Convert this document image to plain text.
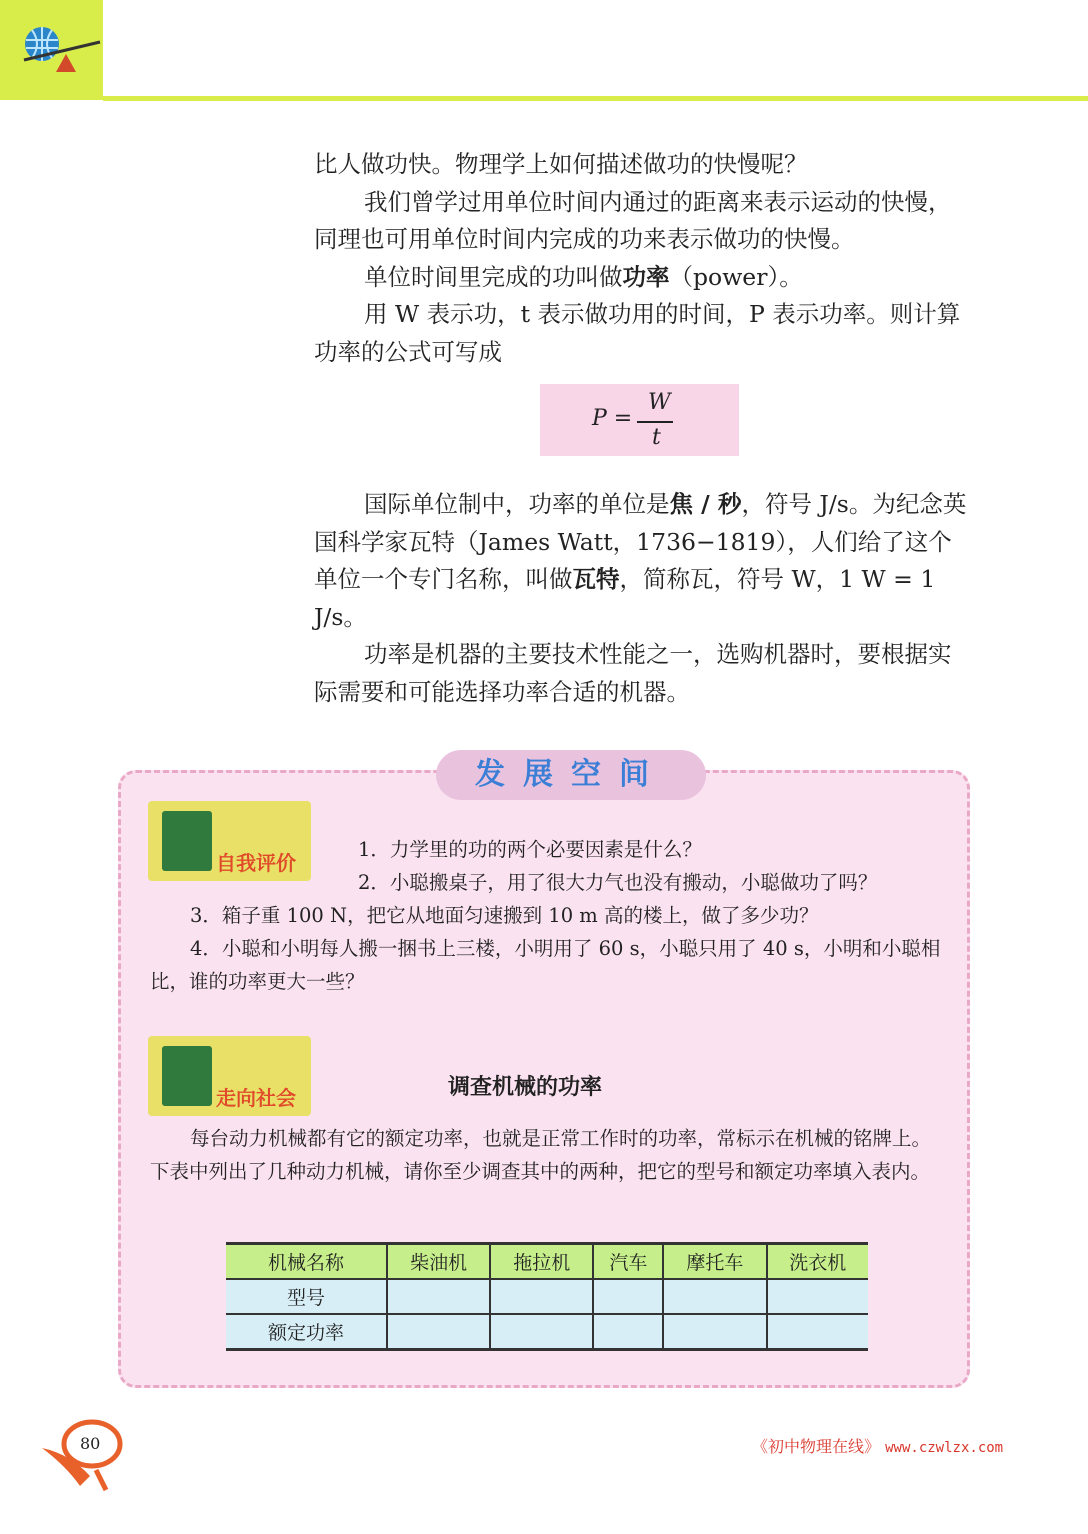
比人做功快。物理学上如何描述做功的快慢呢？

我们曾学过用单位时间内通过的距离来表示运动的快慢，同理也可用单位时间内完成的功来表示做功的快慢。

单位时间里完成的功叫做功率（power）。

用 W 表示功，t 表示做功用的时间，P 表示功率。则计算功率的公式可写成

P =
W
t

国际单位制中，功率的单位是焦 / 秒，符号 J/s。为纪念英国科学家瓦特（James Watt，1736−1819），人们给了这个单位一个专门名称，叫做瓦特，简称瓦，符号 W，1 W = 1 J/s。

功率是机器的主要技术性能之一，选购机器时，要根据实际需要和可能选择功率合适的机器。

发展空间
自我评价

1．力学里的功的两个必要因素是什么？

2．小聪搬桌子，用了很大力气也没有搬动，小聪做功了吗？

3．箱子重 100 N，把它从地面匀速搬到 10 m 高的楼上，做了多少功？

4．小聪和小明每人搬一捆书上三楼，小明用了 60 s，小聪只用了 40 s，小明和小聪相比，谁的功率更大一些？

走向社会	调查机械的功率

每台动力机械都有它的额定功率，也就是正常工作时的功率，常标示在机械的铭牌上。下表中列出了几种动力机械，请你至少调查其中的两种，把它的型号和额定功率填入表内。

机械名称	柴油机	拖拉机	汽车	摩托车	洗衣机
型号					
额定功率					
80	《初中物理在线》 www.czwlzx.com
